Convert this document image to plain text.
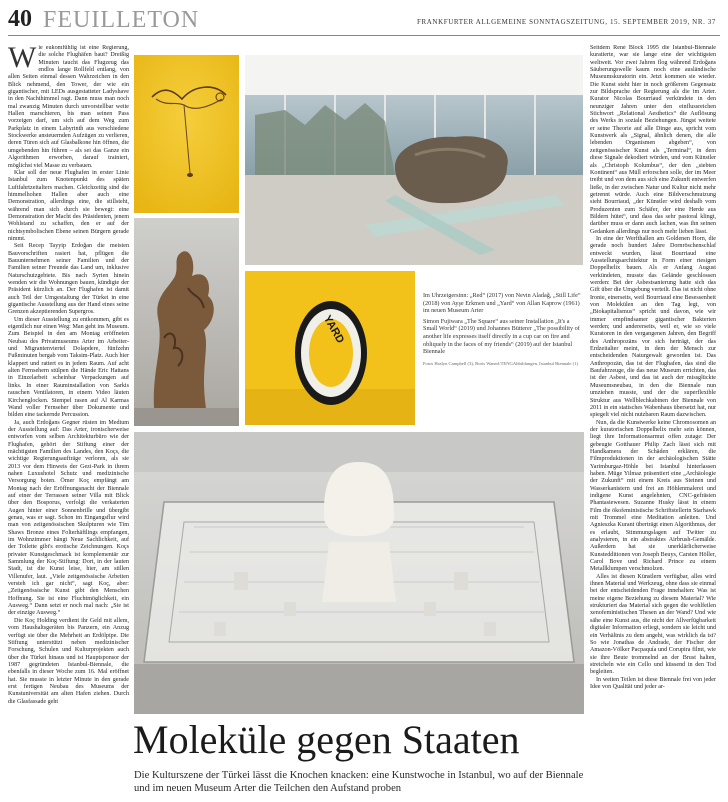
40 FEUILLETON	FRANKFURTER ALLGEMEINE SONNTAGSZEITUNG, 15. SEPTEMBER 2019, NR. 37

Wie eukomfühlig ist eine Regierung, die solche Flughäfen baut? Dreißig Minuten taucht das Flugzeug das endlos lange Rollfeld entlang, von allen Seiten einmal dessen Wahrzeichen in den Blick nehmend, den Tower, der wie ein gigantischer, mit LEDs ausgestatteter Ladyshave in den Nachthimmel ragt. Dann muss man noch mal zwanzig Minuten durch unvorstellbar weite Hallen marschieren, bis man seinen Pass vorzeigen darf, um sich auf dem Weg zum Parkplatz in einem Labyrinth aus verschiedene Stockwerke ansteuernden Aufzügen zu verlieren, deren Türen sich auf Glasbalkone hin öffnen, die umgebenden hin führen – als sei das Ganze ein Algorithmen erworben, darauf trainiert, möglichst viel Masse zu verbauen.

Klar soll der neue Flughafen in erster Linie Istanbul zum Knotenpunkt des späten Luftfahrtzeitalters machen. Gleichzeitig sind die himmelhohen Hallen aber auch eine Demonstration, allerdings eine, die stillsteht, während man sich durch sie bewegt: eine Demonstration der Macht des Präsidenten, jenem Wohlstand zu schaffen, den er auf der nichtsymbolischen Ebene seinen Bürgern gerade nimmt.

Seit Recep Tayyip Erdoğan die meisten Bauvorschriften rasiert hat, pflügen die Bauunternehmen seiner Familien und der Familien seiner Freunde das Land um, inklusive Naturschutzgebiete. Bis nach Syrien hinein wenden wir die Wohnungen bauen, kündigte der Präsident kürzlich an. Der Flughafen ist damit auch Teil der Umgestaltung der Türkei in eine gigantische Ausstellung aus der Hand eines seine Grenzen akzeptierenden Supergros.

Um dieser Ausstellung zu entkommen, gibt es eigentlich nur einen Weg: Man geht ins Museum. Zum Beispiel in den am Montag eröffneten Neubau des Privatmuseums Arter im Arbeiter- und Migrantenviertel Dolapdere, fünfzehn Fußminuten bergab vom Taksim-Platz. Auch hier klappert und rattert es in jedem Raum. Auf acht alten Fernsehern stülpen die Hände Eric Hattans in Einzelarbeit scheinbar Verpackungen auf links. In einer Rauminstallation von Sarkis rauschen Ventilatoren, in einem Video läuten Kirchenglocken. Stempel rasen auf Al Karmas Wand voller Fernseher über Dokumente und bilden eine tackernde Percussion.

Ja, auch Erdoğans Gegner rüsten im Medium der Ausstellung auf: Das Arter, ironischerweise entworfen vom selben Architekturbüro wie der Flughafen, gehört der Stiftung einer der mächtigsten Familien des Landes, den Koçs, die wichtige Regierungsaufträge verloren, als sie 2013 vor dem Hinweis der Gezi-Park in ihrem nahen Luxushotel Schutz und medizinische Versorgung boten. Ömer Koç empfängt am Montag nach der Eröffnungsnacht der Biennale auf einer der Terrassen seiner Villa mit Blick über den Bosporus, verfolgt die verkaterten Augen hinter einer Sonnenbrille und übergibt genau, was er sagt. Schon im Eingangsflur wird man von zeitgenössischen Skulpturen wie Tim Shaws Bronze eines Folterhäftlings empfangen, im Wohnzimmer hängt Neue Sachlichkeit, auf der Toilette gibt's erotische Zeichnungen. Koçs privater Kunstgeschmack ist komplementär zur Sammlung der Koç-Stiftung: Dort, in der lauten Stadt, ist die Kunst leise, hier, am stillen Villenufer, laut. „Viele zeitgenössische Arbeiten versteh ich gar nicht“, sagt Koç, aber: „Zeitgenössische Kunst gibt den Menschen Hoffnung. Sie ist eine Fluchtmöglichkeit, ein Ausweg.“ Dann setzt er noch mal nach: „Sie ist der einzige Ausweg.“

Die Koç Holding verdient ihr Geld mit allem, vom Haushaltsgeräten bis Panzern, ein Anzug verfügt sie über die Mehrheit an Erdölpipe. Die Stiftung unterstützt neben medizinischer Forschung, Schulen und Kulturprojekten auch über die Türkei hinaus und ist Hauptsponsor der 1987 gegründeten Istanbul-Biennale, die ebenfalls in dieser Woche zum 16. Mal eröffnet hat. Sie musste in letzter Minute in den gerade erst fertigen Neubau des Museums der Kunstuniversität am alten Hafen ziehen. Durch die Glasfassade geht

YARD

Im Uhrzeigersinn: „Red“ (2017) von Nevin Aladağ, „Still Life“ (2018) von Ayşe Erkmen und „Yard“ von Allan Kaprow (1961) im neuen Museum Arter

Simon Fujiwara „The Square“ aus seiner Installation „It's a Small World“ (2019) und Johannes Bütterer „The possibility of another life expresses itself directly in a cup car on fire and obliquely in the faces of my friends“ (2019) auf der Istanbul Biennale

Fotos Haslyn Campbell (3), Boris Wanerl/TENGAbbildungen, Istanbul Biennale (1)

Seitdem René Block 1995 die Istanbul-Biennale kuratierte, war sie lange eine der wichtigsten weltweit. Vor zwei Jahren flog während Erdoğans Säuberungswelle kaum noch eine ausländische Museumskuratorin ein. Jetzt kommen sie wieder. Die Kunst steht hier in noch größerem Gegensatz zur Bildsprache der Regierung als die im Arter. Kurator Nicolas Bourriaud verkündete in den neunziger Jahren unter den einflussreichen Stichwort „Relational Aesthetics“ die Auflösung des Werks in soziale Beziehungen. Jüngst weitete er seine Theorie auf alle Dinge aus, spricht vom Kunstwerk als „Signal, ähnlich denen, die alle lebenden Organismen abgeben“, von zeitgenössischer Kunst als „Terminal“, in dem diese Signale dekodiert würden, und vom Künstler als „Christoph Kolumbus“, der den „siebten Kontinent“ aus Müll erforschen solle, der im Meer treibt und von dem aus sich eine Zukunft entwerfen ließe, in der zwischen Natur und Kultur nicht mehr getrennt würde. Auch eine Bildverschmutzung sieht Bourriaud, „der Künstler wird deshalb vom Produzenten zum Schäfer, der eine Herde aus Bildern hütet“, und dass das sehr pastoral klingt, darüber muss er dann auch lachen, was ihn seinen Gedanken allerdings nur noch mehr lieben lässt.

In eine der Werfthallen am Goldenen Horn, die gerade noch hundert Jahre Dornröschenschlaf entweckt wurden, lässt Bourriaud eine Ausstellungsarchitektur in Form einer riesigen Doppelhelix bauen. Als er Anfang August verkündeten, musste das Gelände geschlossen werden: Bei der Asbestsanierung hatte sich das Gift über die Umgebung verteilt. Das ist nicht ohne Ironie, einerseits, weil Bourriaud eine Besessenheit von Molekülen an den Tag legt, von „Biokapitalismus“ spricht und davon, wie wir immer empfindsamer gigantischer Bakterien werden; und andererseits, weil er, wie so viele Kuratoren in den vergangenen Jahren, den Begriff des Anthropozäns vor sich herträgt, der das Erdzeitalter meint, in dem der Mensch zur entscheidenden Naturgewalt geworden ist. Das Anthropozän, das ist der Flughafen, das sind die Baufahrzeuge, die das neue Museum errichten, das ist der Asbest, und das ist auch der missglückte Museumsneubau, in den die Biennale nun umziehen musste, und der die superflexible Struktur aus Wellblechkabinen der Biennale von 2011 in ein statisches Wabenhaus übersetzt hat, nur spiegelt viel nicht nutzbaren Raum dazwischen.

Nun, da die Kunstwerke keine Chromosomen an der kuratorischen Doppelhelix mehr sein können, liegt ihre Informationsarmut offen zutage: Der gebeugte Gotthauer Philip Zach lässt sich mit Handkamera der Schäden erklären, die Filmproduktionen in der archäologischen Stätte Yarimburgaz-Höhle bei Istanbul hinterlassen haben. Müge Yilmaz präsentiert eine „Archäologie der Zukunft“ mit einem Kreis aus Steinen und Wasserkanistern und frei an Höhlenmalerei und indigene Kunst angelehnten, CNC-gefrästen Phantasiewesen. Suzanne Husky lässt in einem Film die ökofeministische Schriftstellerin Starhawk mit Trommel eine Meditation anleiten. Und Agnieszka Kurant überträgt einen Algorithmus, der es erlaubt, Stimmungslagen auf Twitter zu analysieren, in ein abstraktes Airbrush-Gemälde. Außerdem hat sie unerklärlicherweise Kunstedditionen von Joseph Beuys, Carsten Höller, Carol Bove und Richard Prince zu einem Metallklumpen verschmolzen.

Alles ist diesen Künstlern verfügbar, alles wird ihnen Material und Werkzeug, ohne dass sie einmal bei der entscheidenden Frage innehalten: Was ist meine eigene Beziehung zu diesem Material? Wie strukturiert das Material sich gegen die wohlfeilen xenofeministischen Thesen an der Wand? Und wie sähe eine Kunst aus, die nicht der Allverfügbarkeit digitaler Information erliegt, sondern sie leicht und ein Verhältnis zu dem angeht, was wirklich da ist? So wie Jonathas de Andrade, der Fischer der Amazon-Völker Pacpaquía und Corupira filmt, wie sie ihre Beute trommelnd an der Brust halten, streicheln wie ein Cello und küssend in den Tod begleiten.

In weiten Teilen ist diese Biennale frei von jeder Idee von Qualität und jeder ar-

Moleküle gegen Staaten
Die Kulturszene der Türkei lässt die Knochen knacken: eine Kunstwoche in Istanbul, wo auf der Biennale und im neuen Museum Arter die Teilchen den Aufstand proben
